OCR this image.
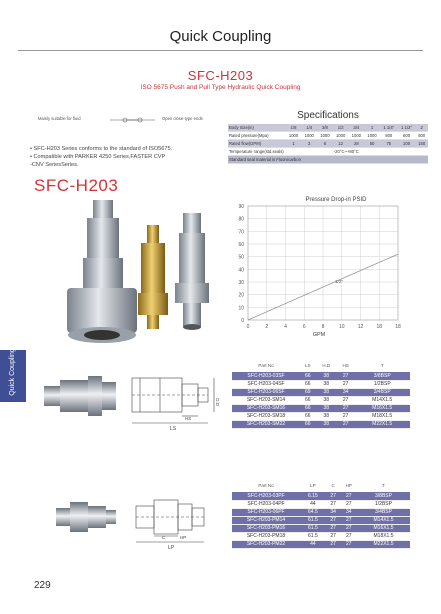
Quick Coupling
SFC-H203
ISO 5675 Push and Pull Type Hydraulic Quick Coupling
Mainly suitable for fluid	Open close-type ends	Specifications
Body Size(in)	1/8	1/4	3/8	1/2	3/4	1	1 1/4"	1 1/2"	2
Rated pressure(Mpa)	1000	1000	1000	1000	1000	1000	800	600	600
Rated flow(GPM)	1	3	6	12	28	50	75	100	150
Temperature range(std.seals)				-20°C~+80°C					
Standard seal material is Fluorocarbon									
• SFC-H203 Series conforms to the standard of ISO5675.
• Compatible with PARKER 4250 Series,FASTER CVP
-CNV SeriesSeries.
SFC-H203
Pressure Drop-in PSID
0
10
20
30
40
50
60
70
80
90
0	2	4	6	8	10	12	18	18
1/2"
GPM
Quick Coupling
LS
HS
O.D
Part No	LS	H.D	HS	T
SFC-H203-03SF	66	38	27	3/8BSP
SFC-H203-04SF	66	38	27	1/2BSP
SFC-H203-06SF	69	38	34	3/4BSP
SFC-H203-SM14	66	38	27	M14X1.5
SFC-H203-SM16	66	38	27	M16X1.5
SFC-H203-SM18	66	38	27	M18X1.5
SFC-H203-SM22	66	38	27	M22X1.5
LP
HP
C
Part No	LP	C	HP	T
SFC-H203-03PF	6.15	27	27	3/8BSP
SFC-H203-04PF	44	27	27	1/2BSP
SFC-H203-06PF	64.5	34	34	3/4BSP
SFC-H203-PM14	61.5	27	27	M14X1.5
SFC-H203-PM16	61.5	27	27	M16X1.5
SFC-H203-PM18	61.5	27	27	M18X1.5
SFC-H203-PM22	44	27	27	M22X1.5
229
